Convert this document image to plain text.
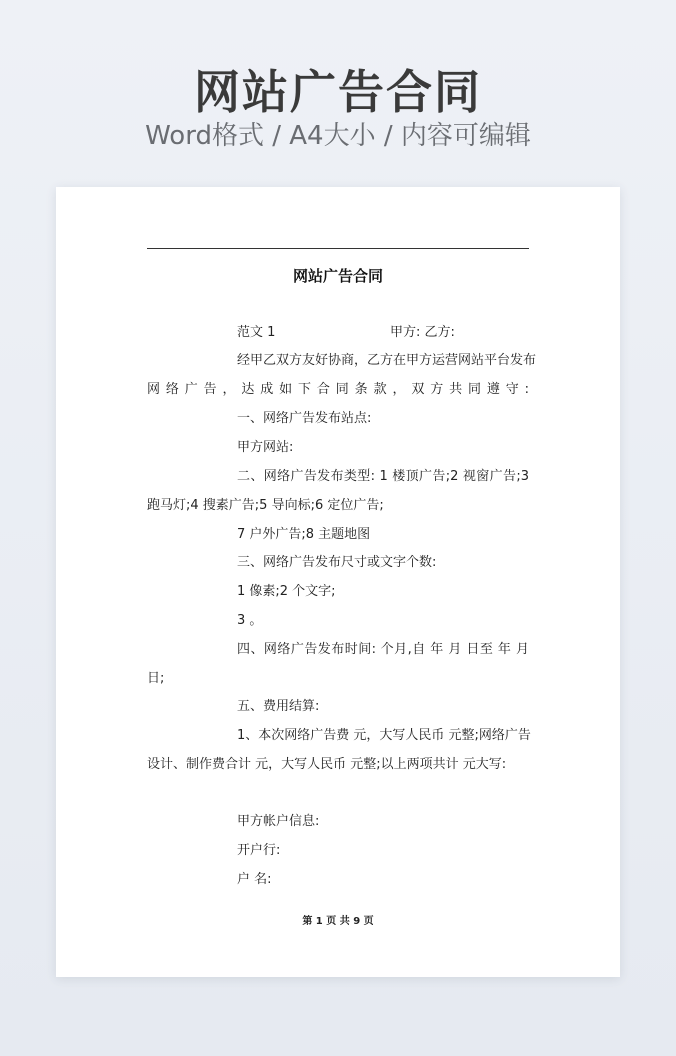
网站广告合同
Word格式 / A4大小 / 内容可编辑
网站广告合同
范文 1	甲方: 乙方:
经甲乙双方友好协商，乙方在甲方运营网站平台发布
网络广告，达成如下合同条款，双方共同遵守:
一、网络广告发布站点:
甲方网站:
二、网络广告发布类型: 1 楼顶广告;2 视窗广告;3
跑马灯;4 搜素广告;5 导向标;6 定位广告;
7 户外广告;8 主题地图
三、网络广告发布尺寸或文字个数:
1 像素;2 个文字;
3 。
四、网络广告发布时间: 个月,自 年 月 日至 年 月
日;
五、费用结算:
1、本次网络广告费 元，大写人民币 元整;网络广告
设计、制作费合计 元，大写人民币 元整;以上两项共计 元大写:
甲方帐户信息:
开户行:
户 名:
第 1 页 共 9 页
